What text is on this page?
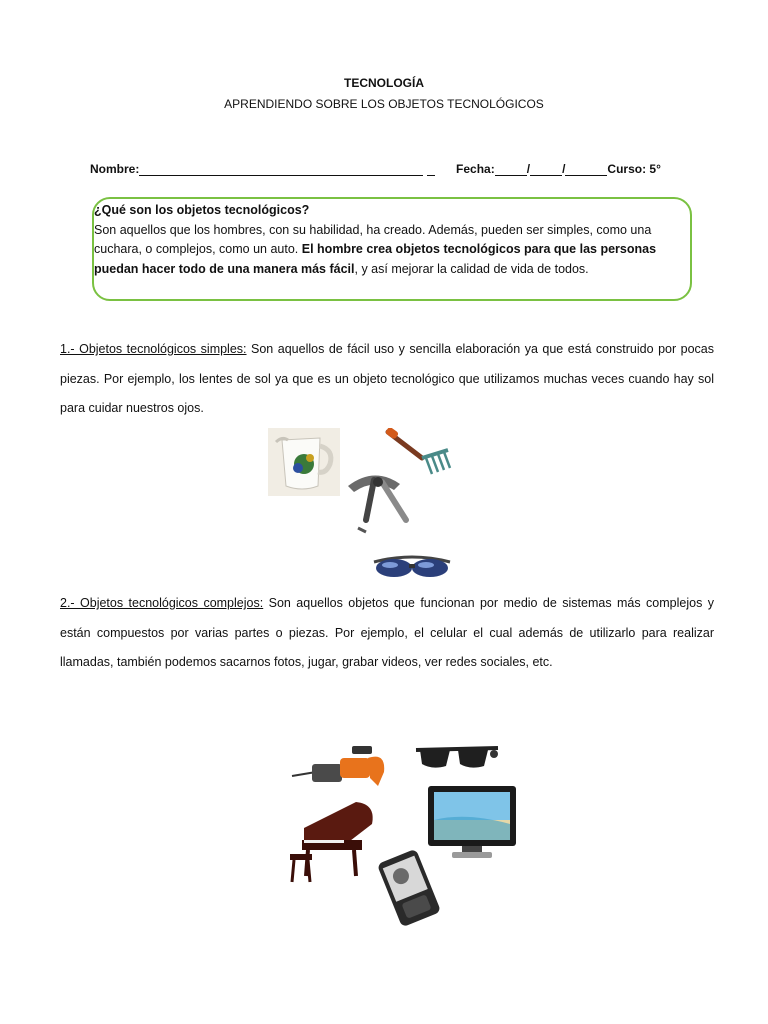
TECNOLOGÍA
APRENDIENDO SOBRE LOS OBJETOS TECNOLÓGICOS
Nombre:	Fecha:	/	/	Curso: 5°
¿Qué son los objetos tecnológicos?
Son aquellos que los hombres, con su habilidad, ha creado. Además, pueden ser simples, como una cuchara, o complejos, como un auto. El hombre crea objetos tecnológicos para que las personas puedan hacer todo de una manera más fácil, y así mejorar la calidad de vida de todos.
1.- Objetos tecnológicos simples: Son aquellos de fácil uso y sencilla elaboración ya que está construido por pocas piezas. Por ejemplo, los lentes de sol ya que es un objeto tecnológico que utilizamos muchas veces cuando hay sol para cuidar nuestros ojos.
2.- Objetos tecnológicos complejos: Son aquellos objetos que funcionan por medio de sistemas más complejos y están compuestos por varias partes o piezas. Por ejemplo, el celular el cual además de utilizarlo para realizar llamadas, también podemos sacarnos fotos, jugar, grabar videos, ver redes sociales, etc.
